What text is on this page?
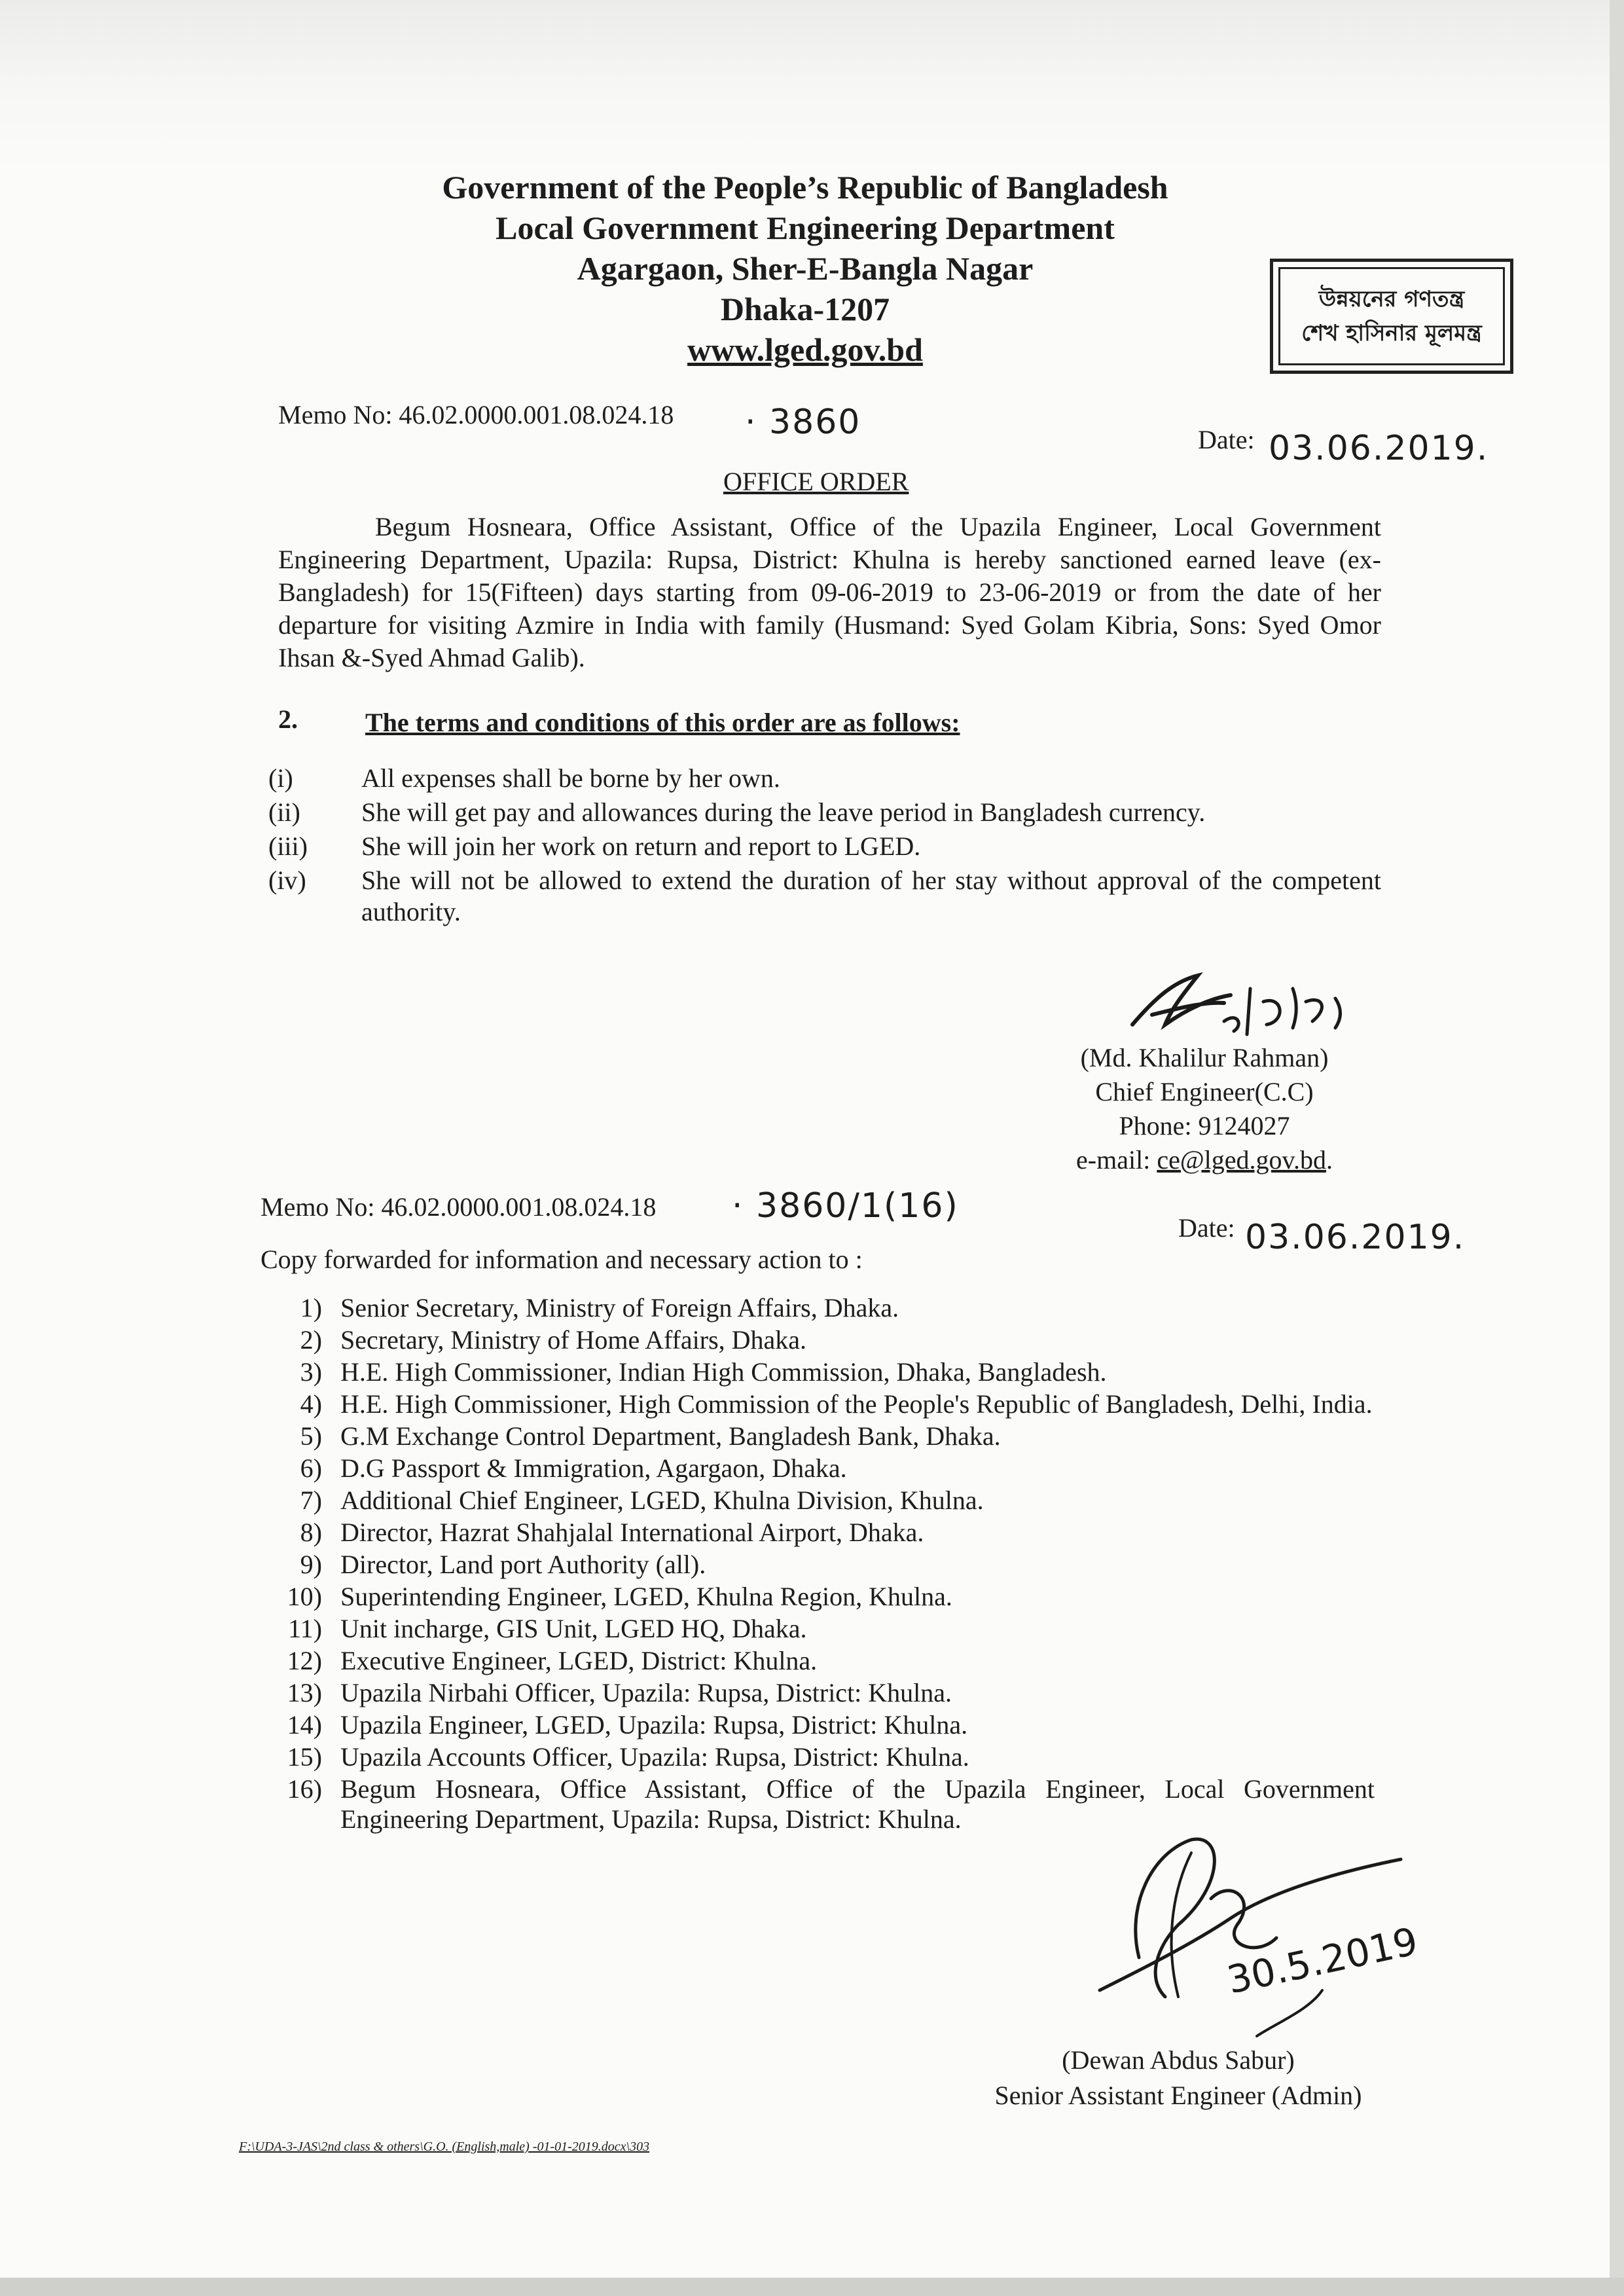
Government of the People’s Republic of Bangladesh
Local Government Engineering Department
Agargaon, Sher-E-Bangla Nagar
Dhaka-1207
www.lged.gov.bd
উন্নয়নের গণতন্ত্র
শেখ হাসিনার মূলমন্ত্র
Memo No: 46.02.0000.001.08.024.18 · 3860	Date: 03.06.2019.
OFFICE ORDER
Begum Hosneara, Office Assistant, Office of the Upazila Engineer, Local Government Engineering Department, Upazila: Rupsa, District: Khulna is hereby sanctioned earned leave (ex-Bangladesh) for 15(Fifteen) days starting from 09-06-2019 to 23-06-2019 or from the date of her departure for visiting Azmire in India with family (Husmand: Syed Golam Kibria, Sons: Syed Omor Ihsan &-Syed Ahmad Galib).
2.	The terms and conditions of this order are as follows:
(i)	All expenses shall be borne by her own.
(ii)	She will get pay and allowances during the leave period in Bangladesh currency.
(iii)	She will join her work on return and report to LGED.
(iv)	She will not be allowed to extend the duration of her stay without approval of the competent authority.
(Md. Khalilur Rahman)
Chief Engineer(C.C)
Phone: 9124027
e-mail: ce@lged.gov.bd.
Memo No: 46.02.0000.001.08.024.18 · 3860/1(16)
Date: 03.06.2019.
Copy forwarded for information and necessary action to :
1) Senior Secretary, Ministry of Foreign Affairs, Dhaka.
2) Secretary, Ministry of Home Affairs, Dhaka.
3) H.E. High Commissioner, Indian High Commission, Dhaka, Bangladesh.
4) H.E. High Commissioner, High Commission of the People's Republic of Bangladesh, Delhi, India.
5) G.M Exchange Control Department, Bangladesh Bank, Dhaka.
6) D.G Passport & Immigration, Agargaon, Dhaka.
7) Additional Chief Engineer, LGED, Khulna Division, Khulna.
8) Director, Hazrat Shahjalal International Airport, Dhaka.
9) Director, Land port Authority (all).
10) Superintending Engineer, LGED, Khulna Region, Khulna.
11) Unit incharge, GIS Unit, LGED HQ, Dhaka.
12) Executive Engineer, LGED, District: Khulna.
13) Upazila Nirbahi Officer, Upazila: Rupsa, District: Khulna.
14) Upazila Engineer, LGED, Upazila: Rupsa, District: Khulna.
15) Upazila Accounts Officer, Upazila: Rupsa, District: Khulna.
16) Begum Hosneara, Office Assistant, Office of the Upazila Engineer, Local Government Engineering Department, Upazila: Rupsa, District: Khulna.
30.5.2019
(Dewan Abdus Sabur)
Senior Assistant Engineer (Admin)
F:\UDA-3-JAS\2nd class & others\G.O. (English,male) -01-01-2019.docx\303
